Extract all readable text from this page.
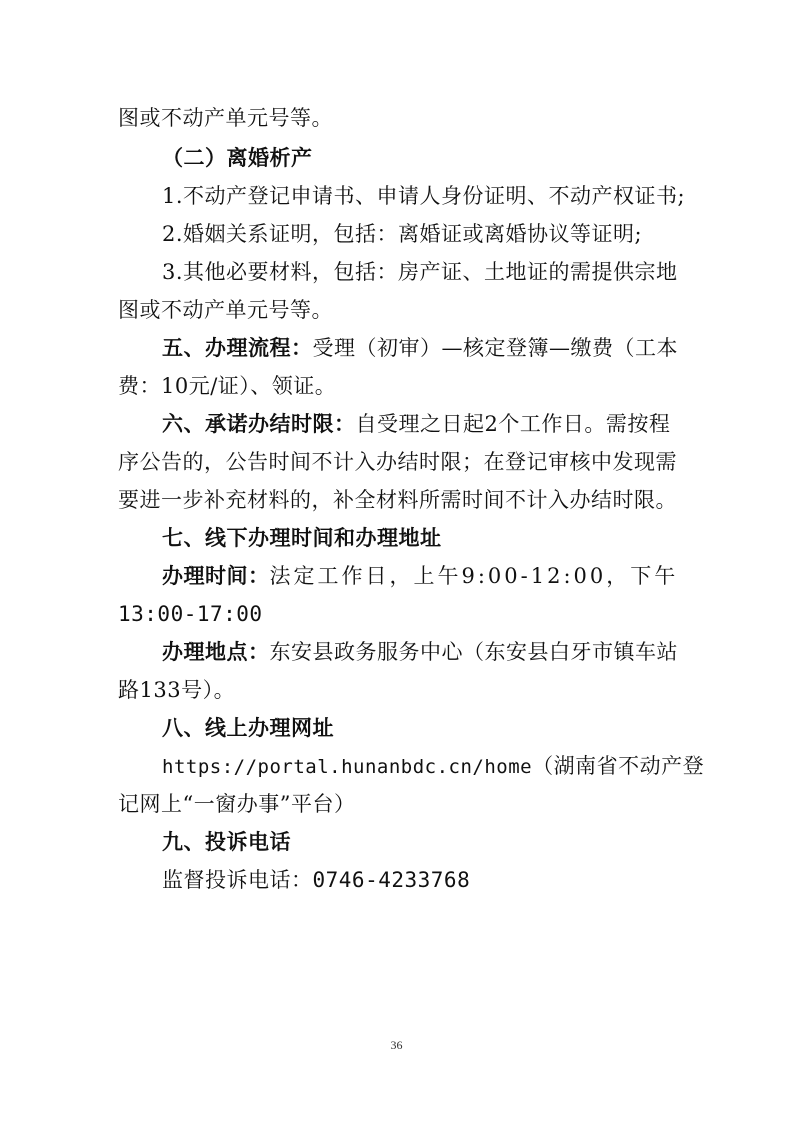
图或不动产单元号等。
（二）离婚析产
1.不动产登记申请书、申请人身份证明、不动产权证书;
2.婚姻关系证明，包括：离婚证或离婚协议等证明;
3.其他必要材料，包括：房产证、土地证的需提供宗地
图或不动产单元号等。
五、办理流程：受理（初审）—核定登簿—缴费（工本
费：10元/证）、领证。
六、承诺办结时限：自受理之日起2个工作日。需按程
序公告的，公告时间不计入办结时限；在登记审核中发现需
要进一步补充材料的，补全材料所需时间不计入办结时限。
七、线下办理时间和办理地址
办理时间：法定工作日，上午9:00-12:00，下午
13:00-17:00
办理地点：东安县政务服务中心（东安县白牙市镇车站
路133号）。
八、线上办理网址
https://portal.hunanbdc.cn/home（湖南省不动产登
记网上“一窗办事”平台）
九、投诉电话
监督投诉电话：0746-4233768
36
